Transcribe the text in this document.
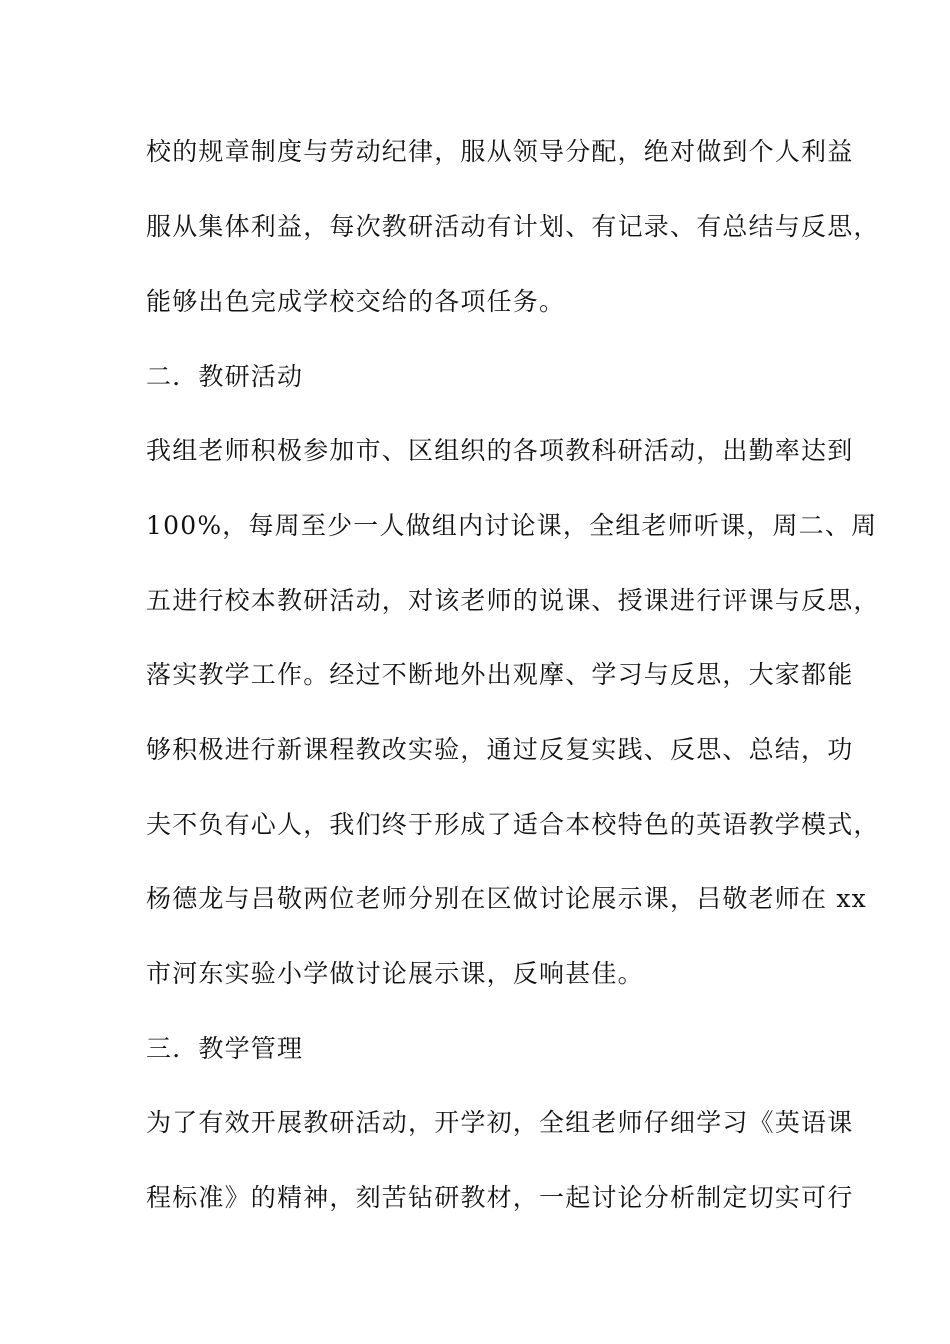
校的规章制度与劳动纪律，服从领导分配，绝对做到个人利益
服从集体利益，每次教研活动有计划、有记录、有总结与反思，
能够出色完成学校交给的各项任务。
二．教研活动
我组老师积极参加市、区组织的各项教科研活动，出勤率达到
100%，每周至少一人做组内讨论课，全组老师听课，周二、周
五进行校本教研活动，对该老师的说课、授课进行评课与反思，
落实教学工作。经过不断地外出观摩、学习与反思，大家都能
够积极进行新课程教改实验，通过反复实践、反思、总结，功
夫不负有心人，我们终于形成了适合本校特色的英语教学模式，
杨德龙与吕敬两位老师分别在区做讨论展示课，吕敬老师在 xx
市河东实验小学做讨论展示课，反响甚佳。
三．教学管理
为了有效开展教研活动，开学初，全组老师仔细学习《英语课
程标准》的精神，刻苦钻研教材，一起讨论分析制定切实可行
